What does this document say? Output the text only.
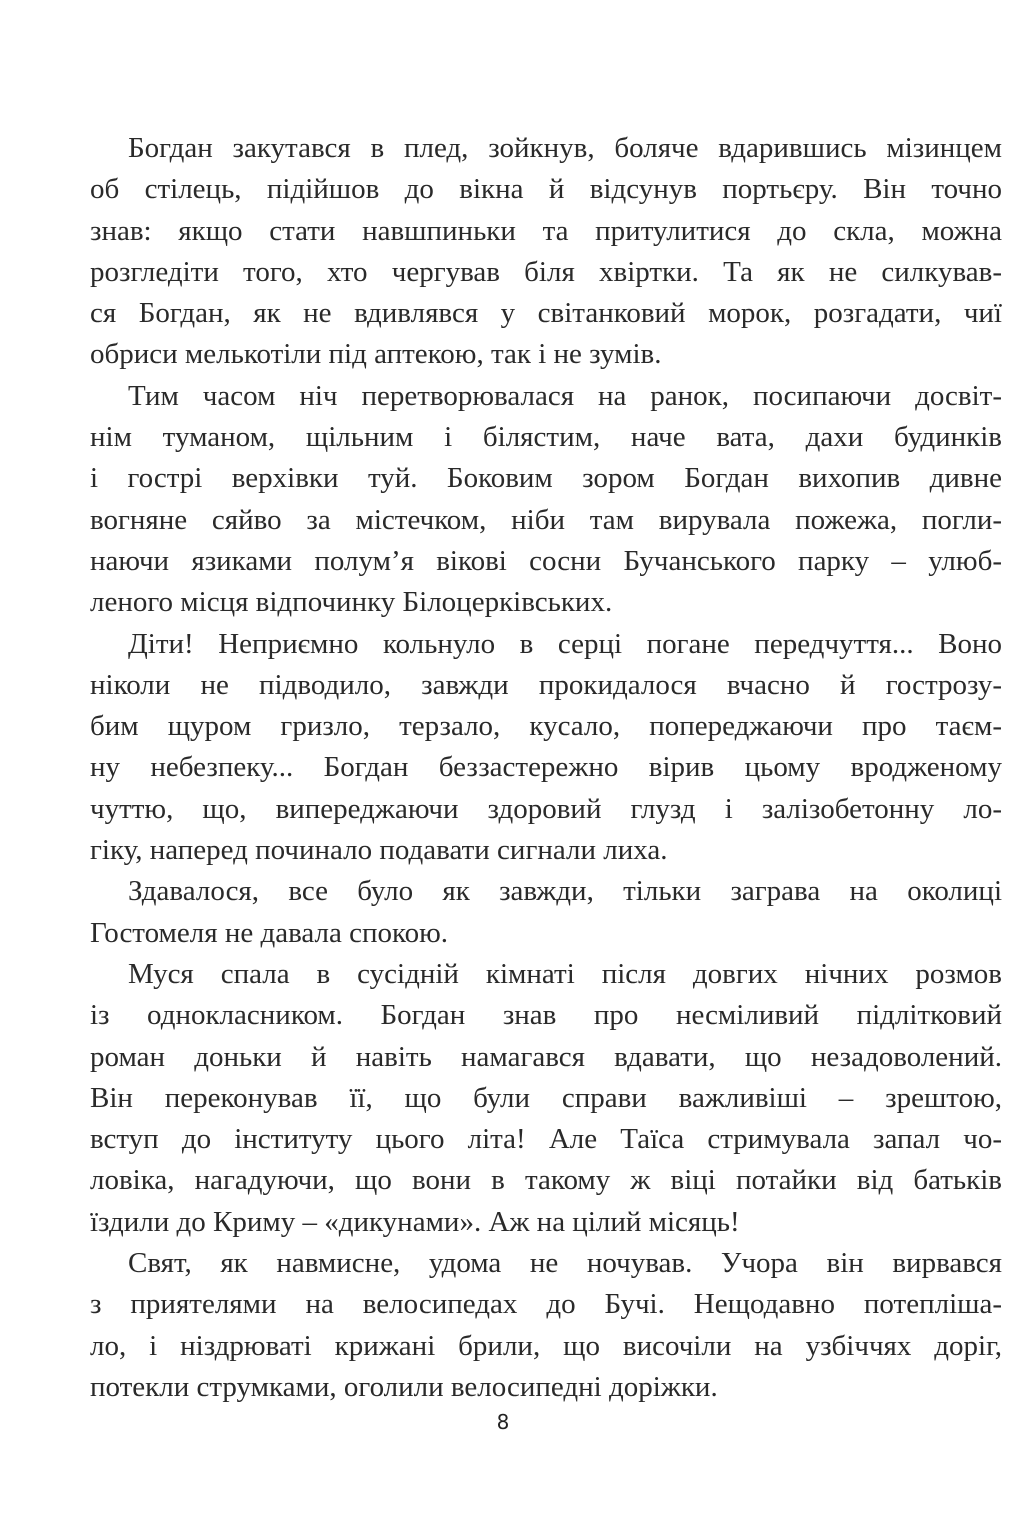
Богдан закутався в плед, зойкнув, боляче вдарившись мізинцем
об стілець, підійшов до вікна й відсунув портьєру. Він точно
знав: якщо стати навшпиньки та притулитися до скла, можна
розгледіти того, хто чергував біля хвіртки. Та як не силкував-
ся Богдан, як не вдивлявся у світанковий морок, розгадати, чиї
обриси мелькотіли під аптекою, так і не зумів.
Тим часом ніч перетворювалася на ранок, посипаючи досвіт-
нім туманом, щільним і білястим, наче вата, дахи будинків
і гострі верхівки туй. Боковим зором Богдан вихопив дивне
вогняне сяйво за містечком, ніби там вирувала пожежа, погли-
наючи язиками полум’я вікові сосни Бучанського парку – улюб-
леного місця відпочинку Білоцерківських.
Діти! Неприємно кольнуло в серці погане передчуття... Воно
ніколи не підводило, завжди прокидалося вчасно й гострозу-
бим щуром гризло, терзало, кусало, попереджаючи про таєм-
ну небезпеку... Богдан беззастережно вірив цьому вродженому
чуттю, що, випереджаючи здоровий глузд і залізобетонну ло-
гіку, наперед починало подавати сигнали лиха.
Здавалося, все було як завжди, тільки заграва на околиці
Гостомеля не давала спокою.
Муся спала в сусідній кімнаті після довгих нічних розмов
із однокласником. Богдан знав про несміливий підлітковий
роман доньки й навіть намагався вдавати, що незадоволений.
Він переконував її, що були справи важливіші – зрештою,
вступ до інституту цього літа! Але Таїса стримувала запал чо-
ловіка, нагадуючи, що вони в такому ж віці потайки від батьків
їздили до Криму – «дикунами». Аж на цілий місяць!
Свят, як навмисне, удома не ночував. Учора він вирвався
з приятелями на велосипедах до Бучі. Нещодавно потеплішa-
ло, і ніздрюваті крижані брили, що височіли на узбіччях доріг,
потекли струмками, оголили велосипедні доріжки.
8
